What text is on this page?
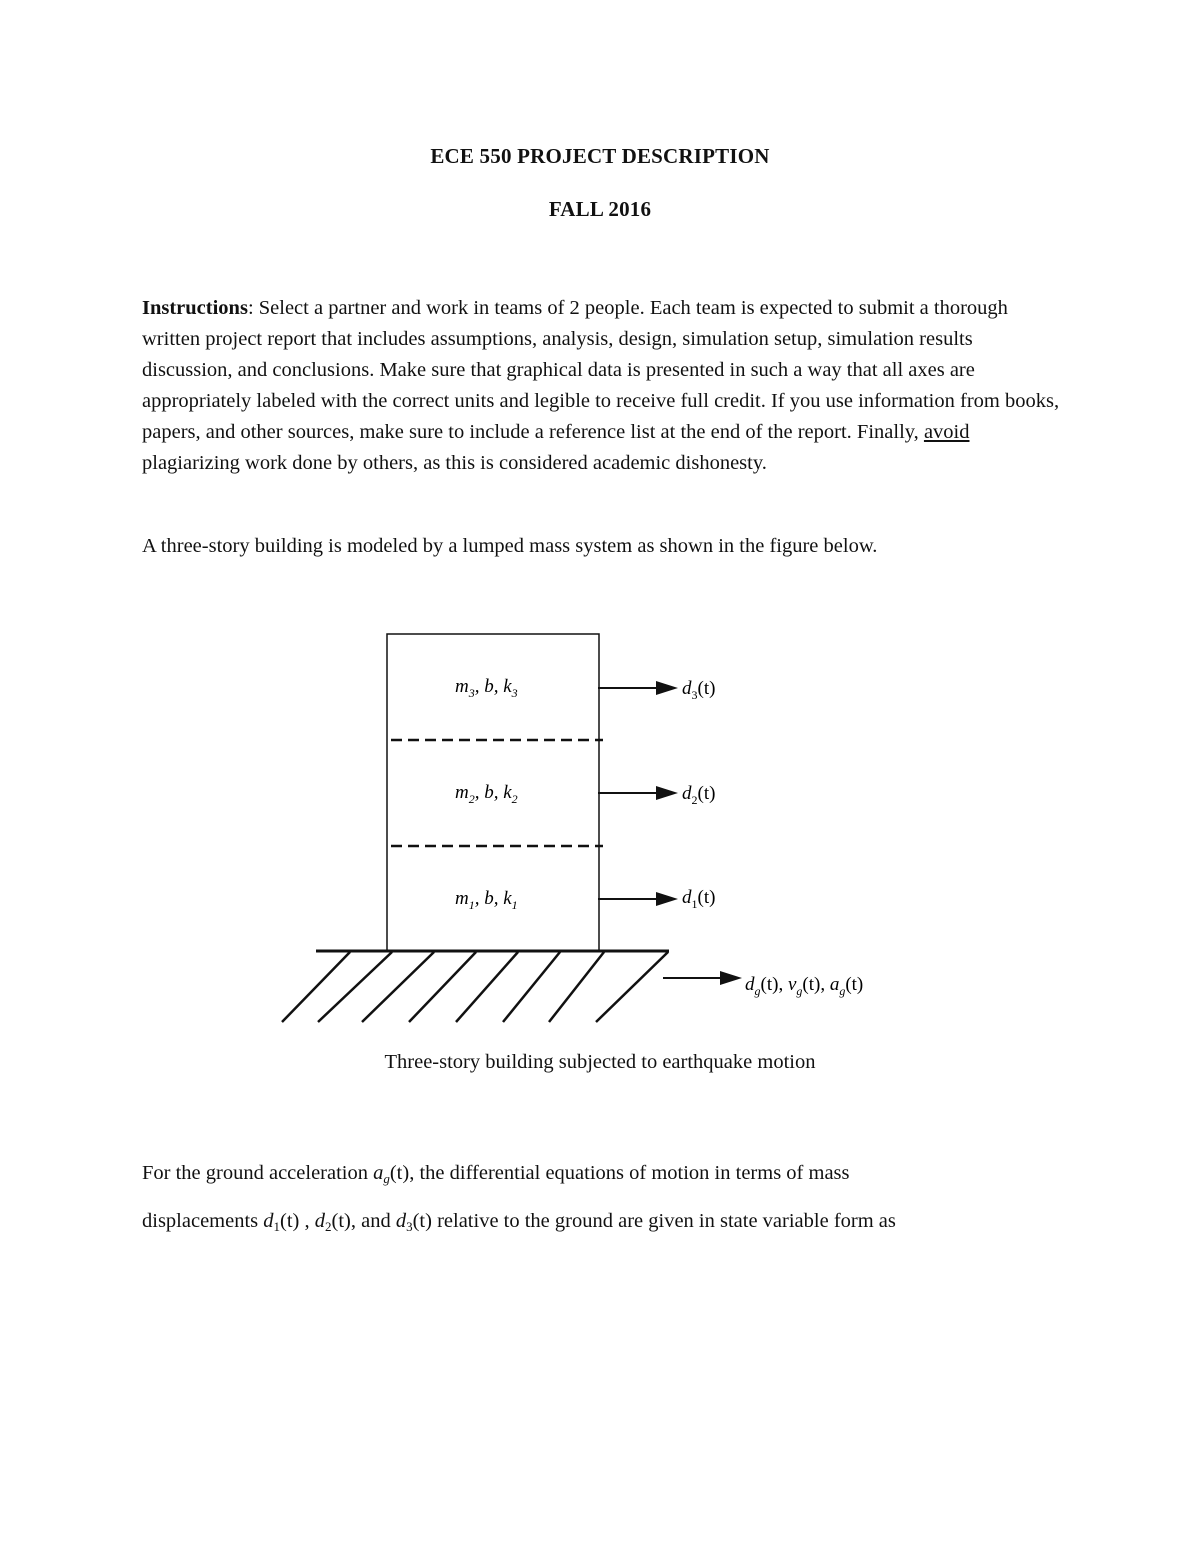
ECE 550 PROJECT DESCRIPTION
FALL 2016
Instructions: Select a partner and work in teams of 2 people. Each team is expected to submit a thorough written project report that includes assumptions, analysis, design, simulation setup, simulation results discussion, and conclusions. Make sure that graphical data is presented in such a way that all axes are appropriately labeled with the correct units and legible to receive full credit. If you use information from books, papers, and other sources, make sure to include a reference list at the end of the report. Finally, avoid plagiarizing work done by others, as this is considered academic dishonesty.
A three-story building is modeled by a lumped mass system as shown in the figure below.
$m_3$, b, $k_3$
$m_2$, b, $k_2$
$m_1$, b, $k_1$
$d_3(t)$
$d_2(t)$
$d_1(t)$
$d_g(t)$, $v_g(t)$, $a_g(t)$
Three-story building subjected to earthquake motion
For the ground acceleration $a_g(t)$, the differential equations of motion in terms of mass
displacements $d_1(t)$ , $d_2(t)$, and $d_3(t)$ relative to the ground are given in state variable form as
